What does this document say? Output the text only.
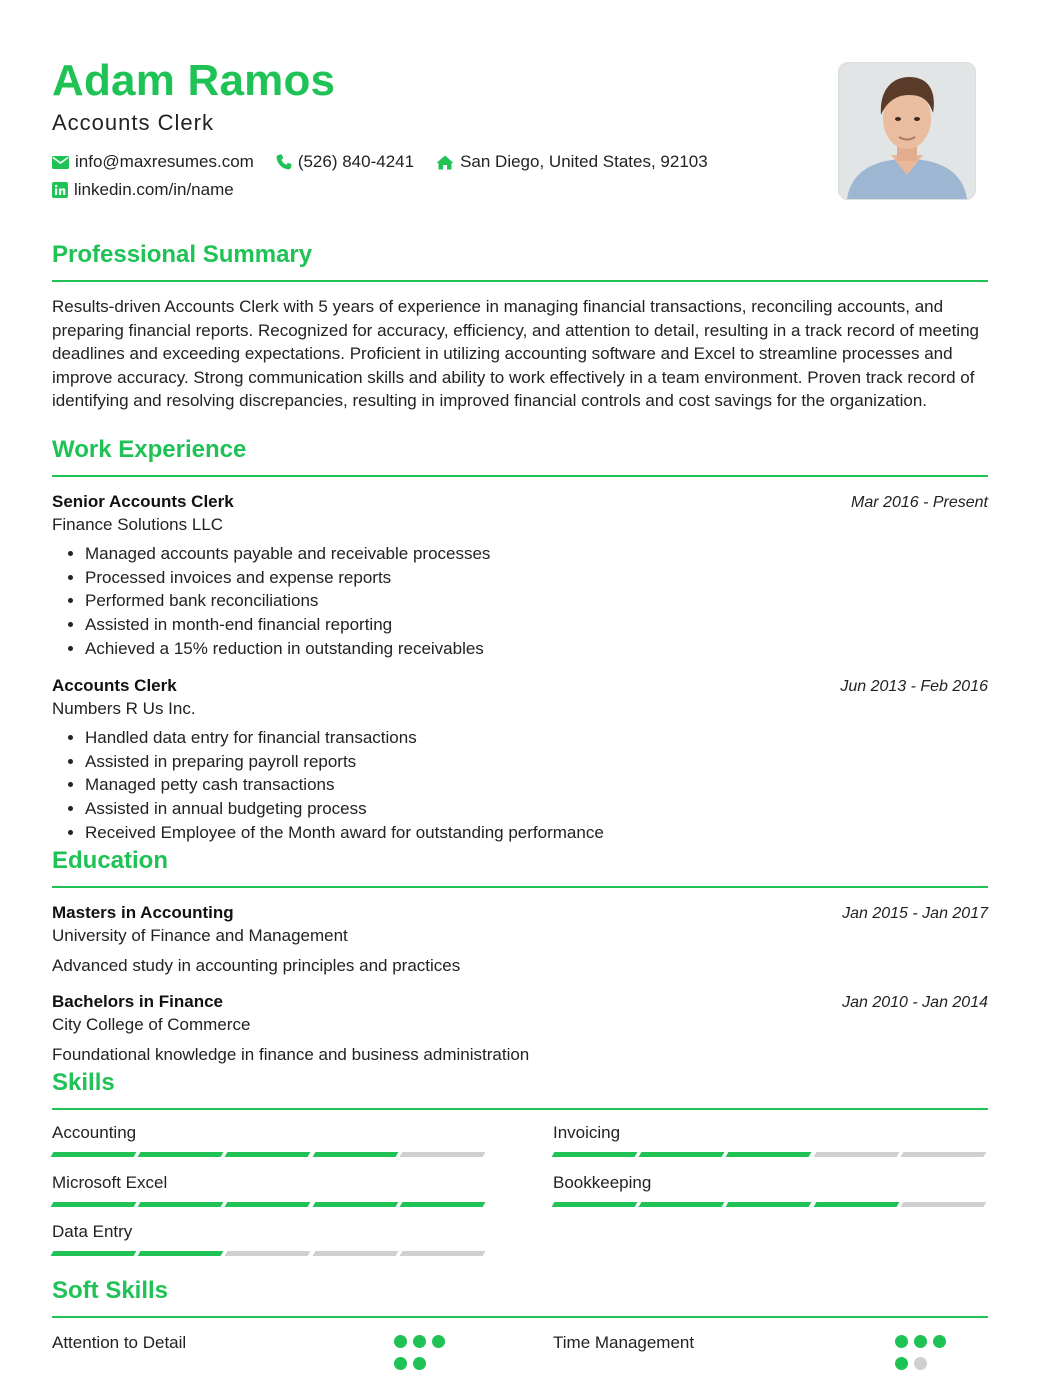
Adam Ramos
Accounts Clerk
info@maxresumes.com	(526) 840-4241	San Diego, United States, 92103
linkedin.com/in/name
Professional Summary

Results-driven Accounts Clerk with 5 years of experience in managing financial transactions, reconciling accounts, and preparing financial reports. Recognized for accuracy, efficiency, and attention to detail, resulting in a track record of meeting deadlines and exceeding expectations. Proficient in utilizing accounting software and Excel to streamline processes and improve accuracy. Strong communication skills and ability to work effectively in a team environment. Proven track record of identifying and resolving discrepancies, resulting in improved financial controls and cost savings for the organization.

Work Experience
Senior Accounts Clerk
Finance Solutions LLC
Mar 2016 - Present
• Managed accounts payable and receivable processes
• Processed invoices and expense reports
• Performed bank reconciliations
• Assisted in month-end financial reporting
• Achieved a 15% reduction in outstanding receivables
Accounts Clerk
Numbers R Us Inc.
Jun 2013 - Feb 2016
• Handled data entry for financial transactions
• Assisted in preparing payroll reports
• Managed petty cash transactions
• Assisted in annual budgeting process
• Received Employee of the Month award for outstanding performance
Education
Masters in Accounting
University of Finance and Management
Jan 2015 - Jan 2017
Advanced study in accounting principles and practices
Bachelors in Finance
City College of Commerce
Jan 2010 - Jan 2014
Foundational knowledge in finance and business administration
Skills
Accounting	Invoicing
Microsoft Excel	Bookkeeping
Data Entry
Soft Skills
Attention to Detail	Time Management
